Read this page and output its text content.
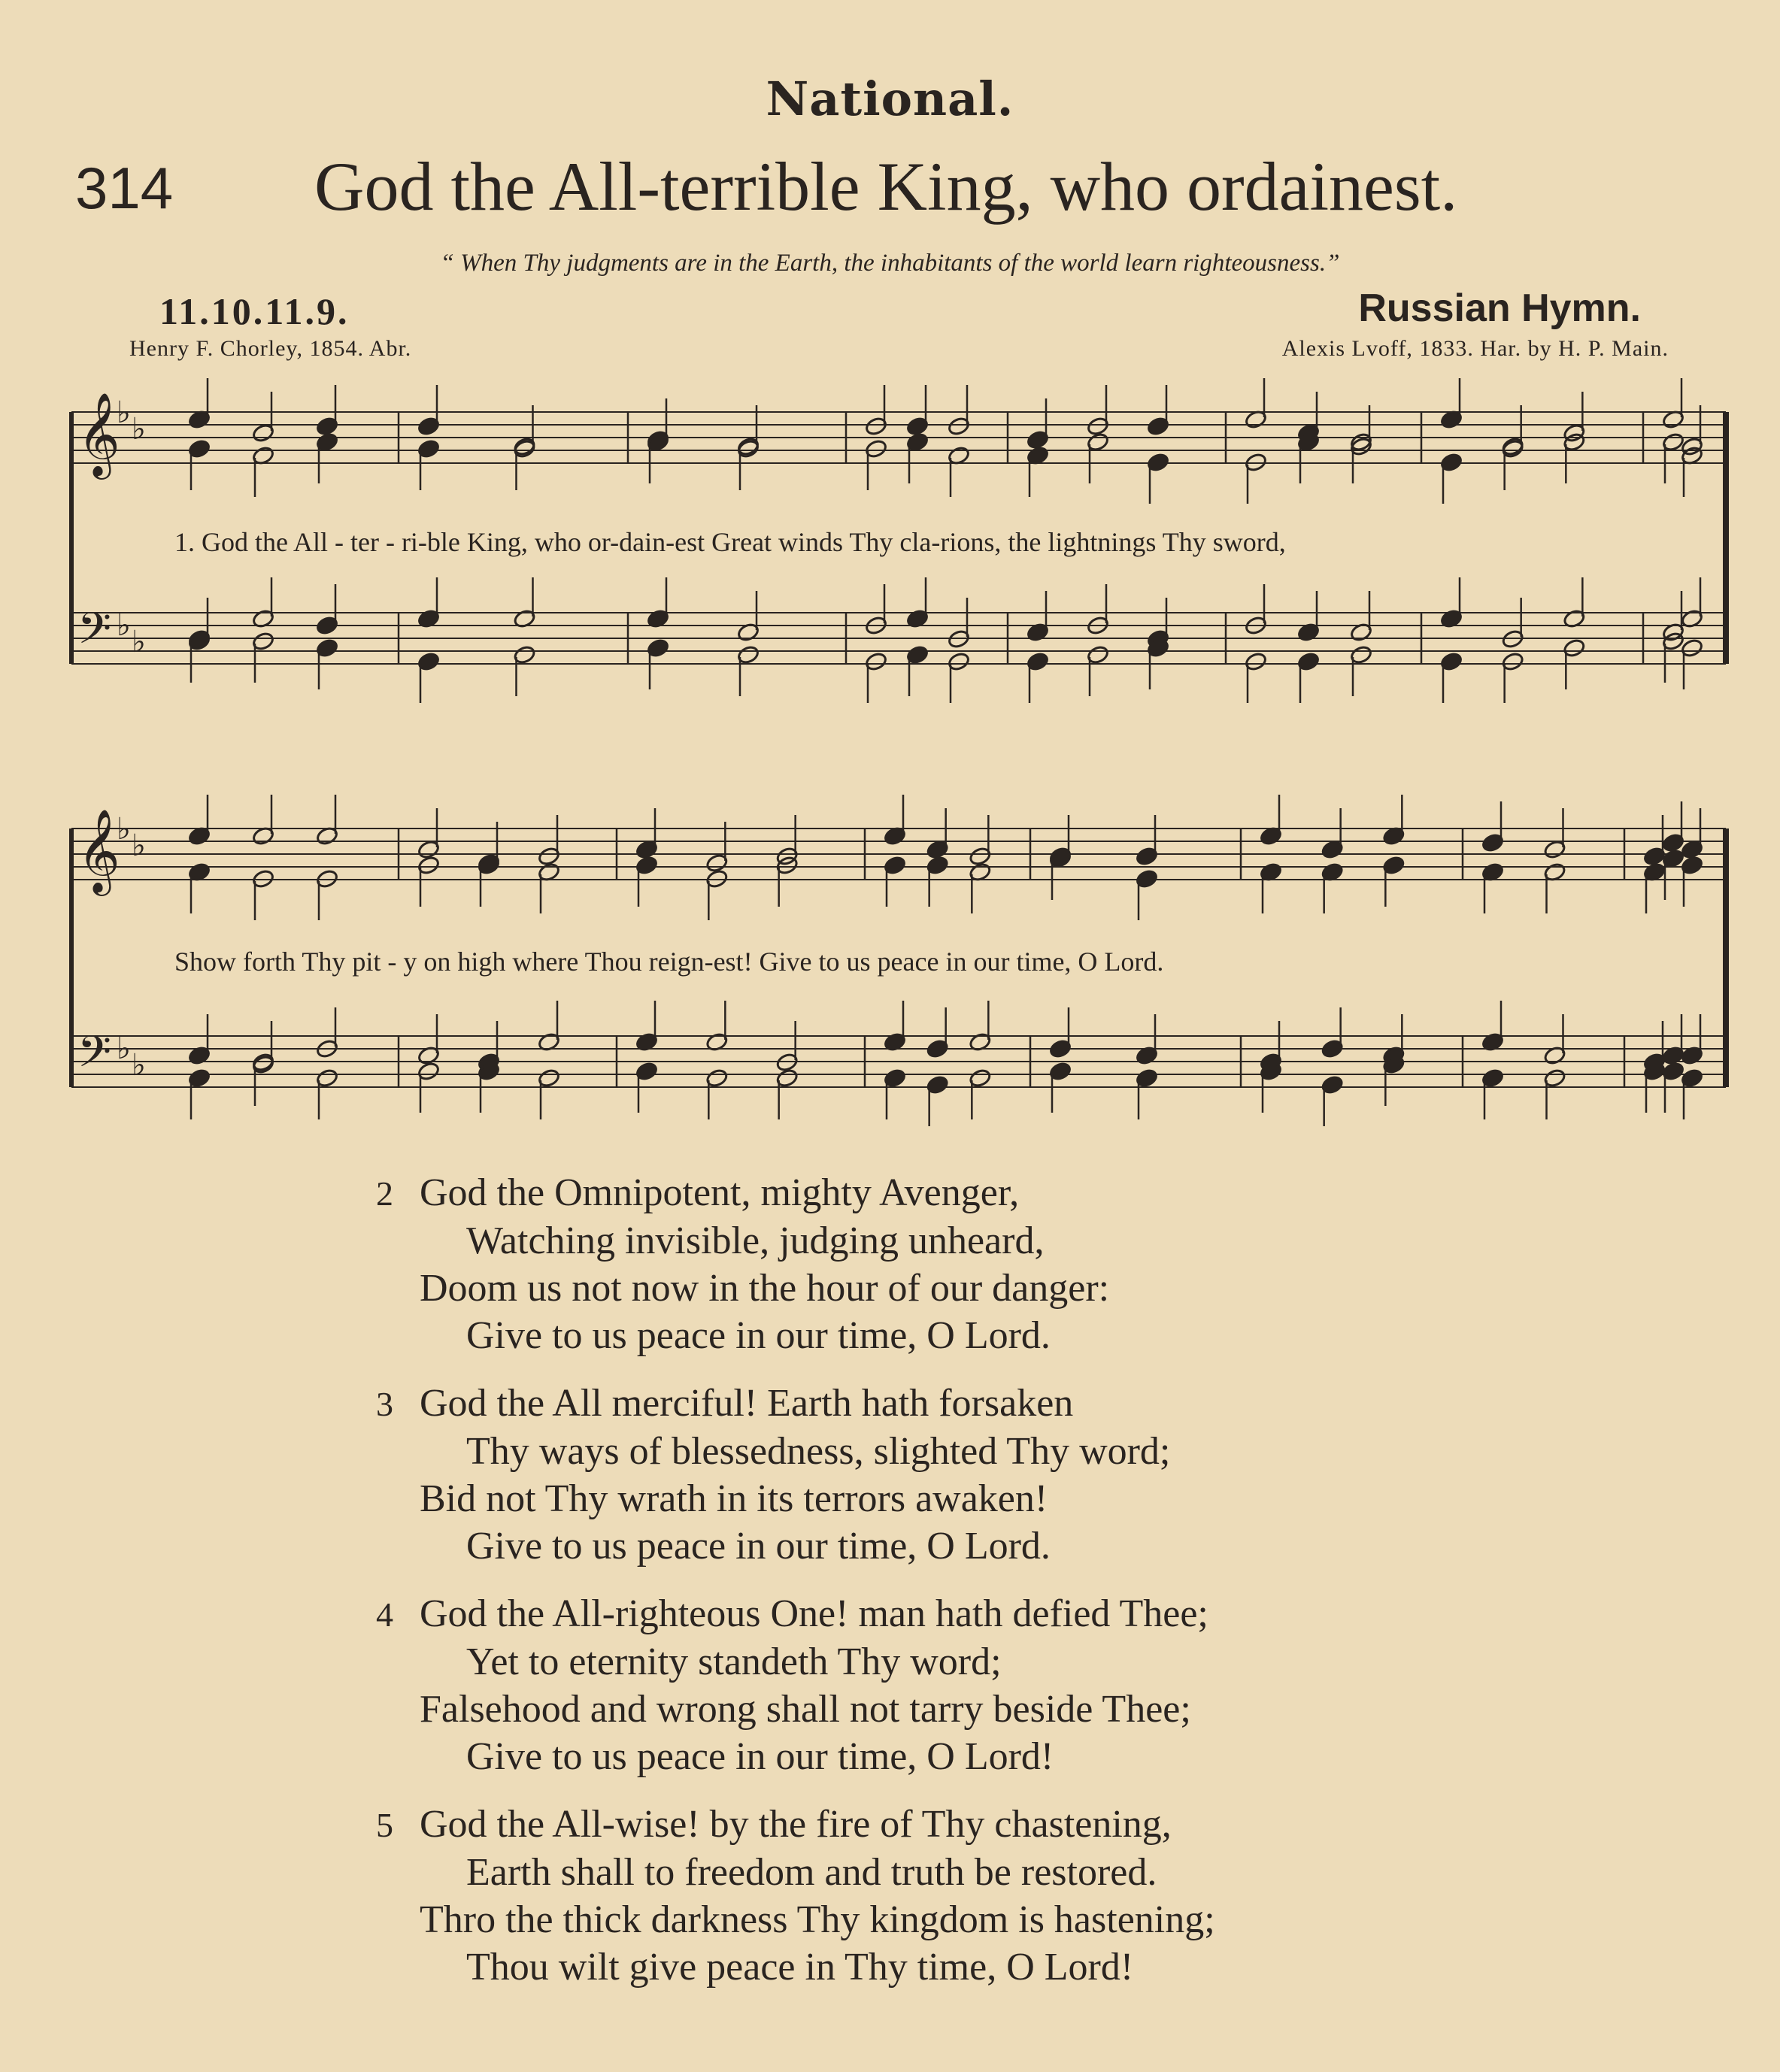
National.
314 God the All-terrible King, who ordainest.
“ When Thy judgments are in the Earth, the inhabitants of the world learn righteousness.”
11.10.11.9.	Russian Hymn.
Henry F. Chorley, 1854. Abr.	Alexis Lvoff, 1833. Har. by H. P. Main.
𝄞
𝄢
♭ ♭
♭ ♭
𝄞
𝄢
♭ ♭
♭ ♭
1. God the All - ter - ri-ble King, who or-dain-est Great winds Thy cla-rions, the lightnings Thy sword,
Show forth Thy pit - y on high where Thou reign-est! Give to us peace in our time, O Lord.
2 God the Omnipotent, mighty Avenger,
Watching invisible, judging unheard,
Doom us not now in the hour of our danger:
Give to us peace in our time, O Lord.
3 God the All merciful! Earth hath forsaken
Thy ways of blessedness, slighted Thy word;
Bid not Thy wrath in its terrors awaken!
Give to us peace in our time, O Lord.
4 God the All-righteous One! man hath defied Thee;
Yet to eternity standeth Thy word;
Falsehood and wrong shall not tarry beside Thee;
Give to us peace in our time, O Lord!
5 God the All-wise! by the fire of Thy chastening,
Earth shall to freedom and truth be restored.
Thro the thick darkness Thy kingdom is hastening;
Thou wilt give peace in Thy time, O Lord!
